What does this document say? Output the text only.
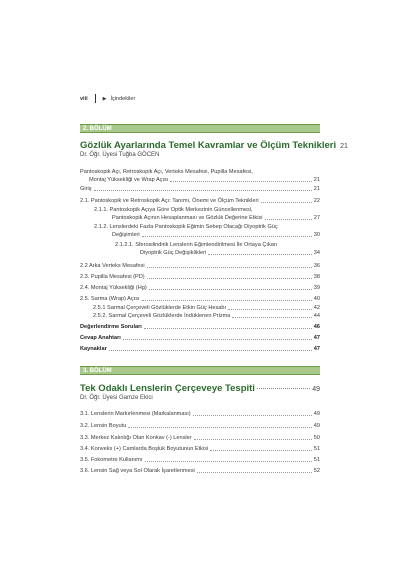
viii	▶ İçindekiler
2. BÖLÜM
Gözlük Ayarlarında Temel Kavramlar ve Ölçüm Teknikleri 21
Dr. Öğr. Üyesi Tuğba GÖCEN
Pantoskopik Açı, Retroskopik Açı, Verteks Mesafesi, Pupilla Mesafesi,
Montaj Yüksekliği ve Wrap Açısı	21
Giriş	21
2.1. Pantoskopik ve Retroskopik Açı: Tanımı, Önemi ve Ölçüm Teknikleri	22
2.1.1. Pantoskopik Açıya Göre Optik Merkezinin Güncellenmesi,
Pantoskopik Açının Hesaplanması ve Gözlük Değerine Etkisi	27
2.1.2. Lenslerdeki Fazla Pantoskopik Eğimin Sebep Olacağı Diyoptrik Güç
Değişimleri	30
2.1.2.1. Sferosilindirik Lenslerin Eğimlendirilmesi İle Ortaya Çıkan
Diyoptrik Güç Değişiklikleri	34
2.2 Arka Verteks Mesafesi	36
2.3. Pupilla Mesafesi (PD)	38
2.4. Montaj Yüksekliği (Hg)	39
2.5. Sarma (Wrap) Açısı	40
2.5.1 Sarmal Çerçeveli Gözlüklerde Etkin Güç Hesabı	42
2.5.2. Sarmal Çerçeveli Gözlüklerde İndüklenen Prizma	44
Değerlendirme Soruları	46
Cevap Anahtarı	47
Kaynaklar	47
3. BÖLÜM
Tek Odaklı Lenslerin Çerçeveye Tespiti	49
Dr. Öğr. Üyesi Gamze Ekici
3.1. Lenslerin Markırlenmesi (Markalanması)	49
3.2. Lensin Boyutu	49
3.3. Merkez Kalınlığı Olan Konkav (-) Lensler	50
3.4. Konveks (+) Camlarda Boşluk Boyutunun Etkisi	51
3.5. Fokometre Kullanımı	51
3.6. Lensin Sağ veya Sol Olarak İşaretlenmesi	52
